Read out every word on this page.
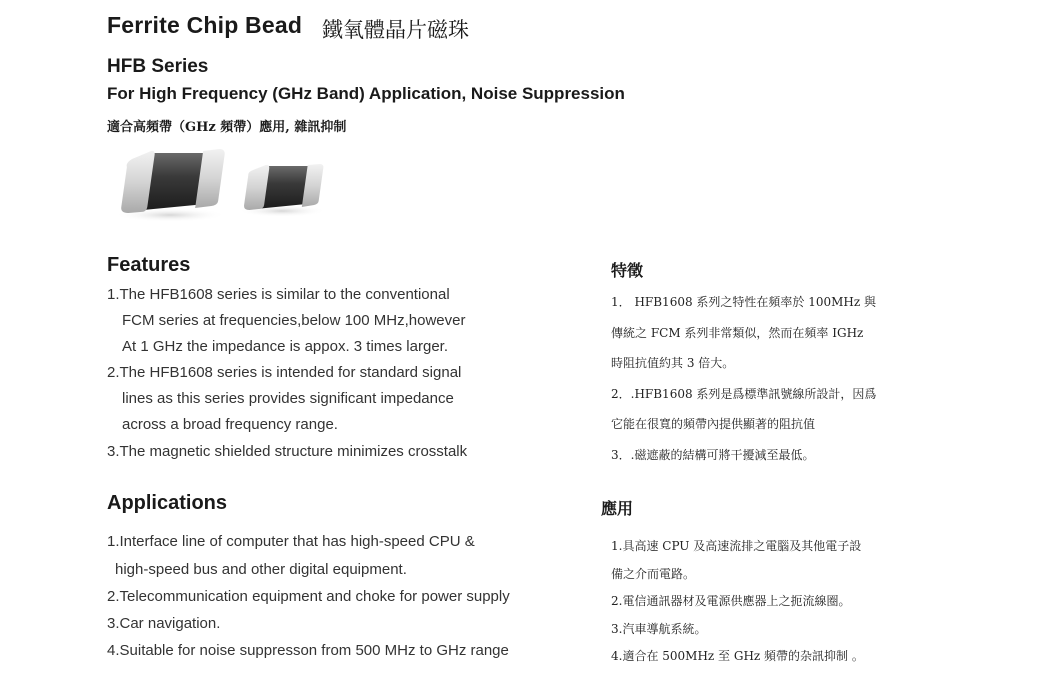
Ferrite Chip Bead 鐵氧體晶片磁珠
HFB Series
For High Frequency (GHz Band) Application, Noise Suppression
適合高頻帶（GHz 頻帶）應用, 雜訊抑制
Features
1.The HFB1608 series is similar to the conventional
FCM series at frequencies,below 100 MHz,however
At 1 GHz the impedance is appox. 3 times larger.
2.The HFB1608 series is intended for standard signal
lines as this series provides significant impedance
across a broad frequency range.
3.The magnetic shielded structure minimizes crosstalk
特徵
1． HFB1608 系列之特性在頻率於 100MHz 與
傳統之 FCM 系列非常類似，然而在頻率 IGHz
時阻抗值約其 3 倍大。
2．.HFB1608 系列是爲標準訊號線所設計，因爲
它能在很寬的頻帶內提供顯著的阻抗值
3．.磁遮蔽的結構可將干擾減至最低。
Applications
1.Interface line of computer that has high-speed CPU &
high-speed bus and other digital equipment.
2.Telecommunication equipment and choke for power supply
3.Car navigation.
4.Suitable for noise suppresson from 500 MHz to GHz range
應用
1.具高速 CPU 及高速流排之電腦及其他電子設
備之介而電路。
2.電信通訊器材及電源供應器上之扼流線圈。
3.汽車導航系統。
4.適合在 500MHz 至 GHz 頻帶的杂訊抑制 。
